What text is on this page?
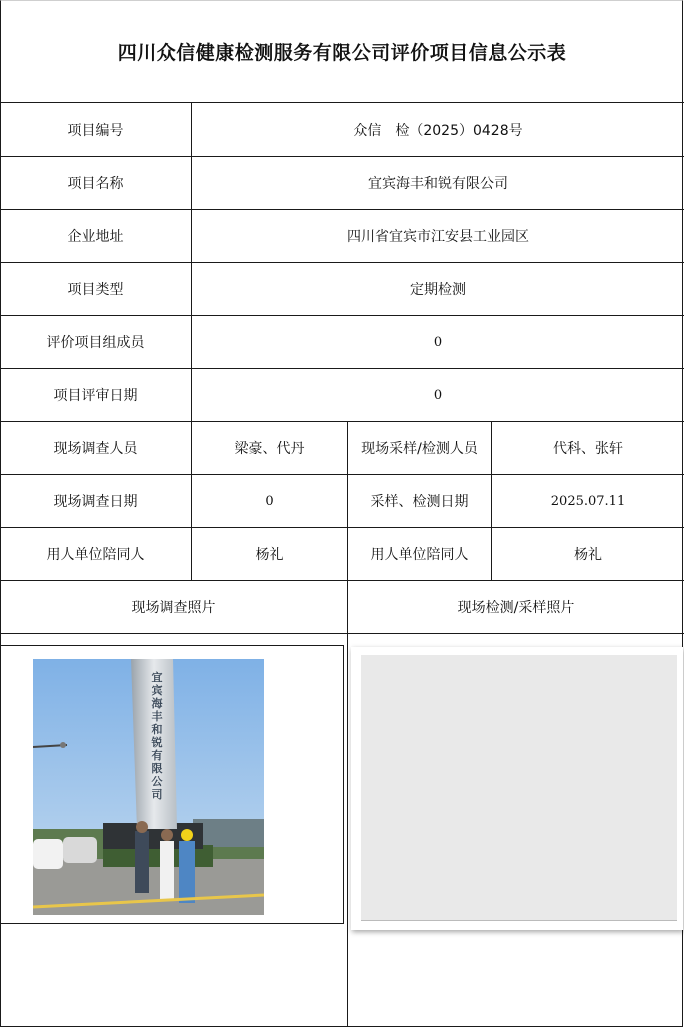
四川众信健康检测服务有限公司评价项目信息公示表
项目编号	众信　检（2025）0428号
项目名称	宜宾海丰和锐有限公司
企业地址	四川省宜宾市江安县工业园区
项目类型	定期检测
评价项目组成员	0
项目评审日期	0
现场调查人员	梁豪、代丹	现场采样/检测人员	代科、张轩
现场调查日期	0	采样、检测日期	2025.07.11
用人单位陪同人	杨礼	用人单位陪同人	杨礼
现场调查照片	现场检测/采样照片
宜宾海丰和锐有限公司
